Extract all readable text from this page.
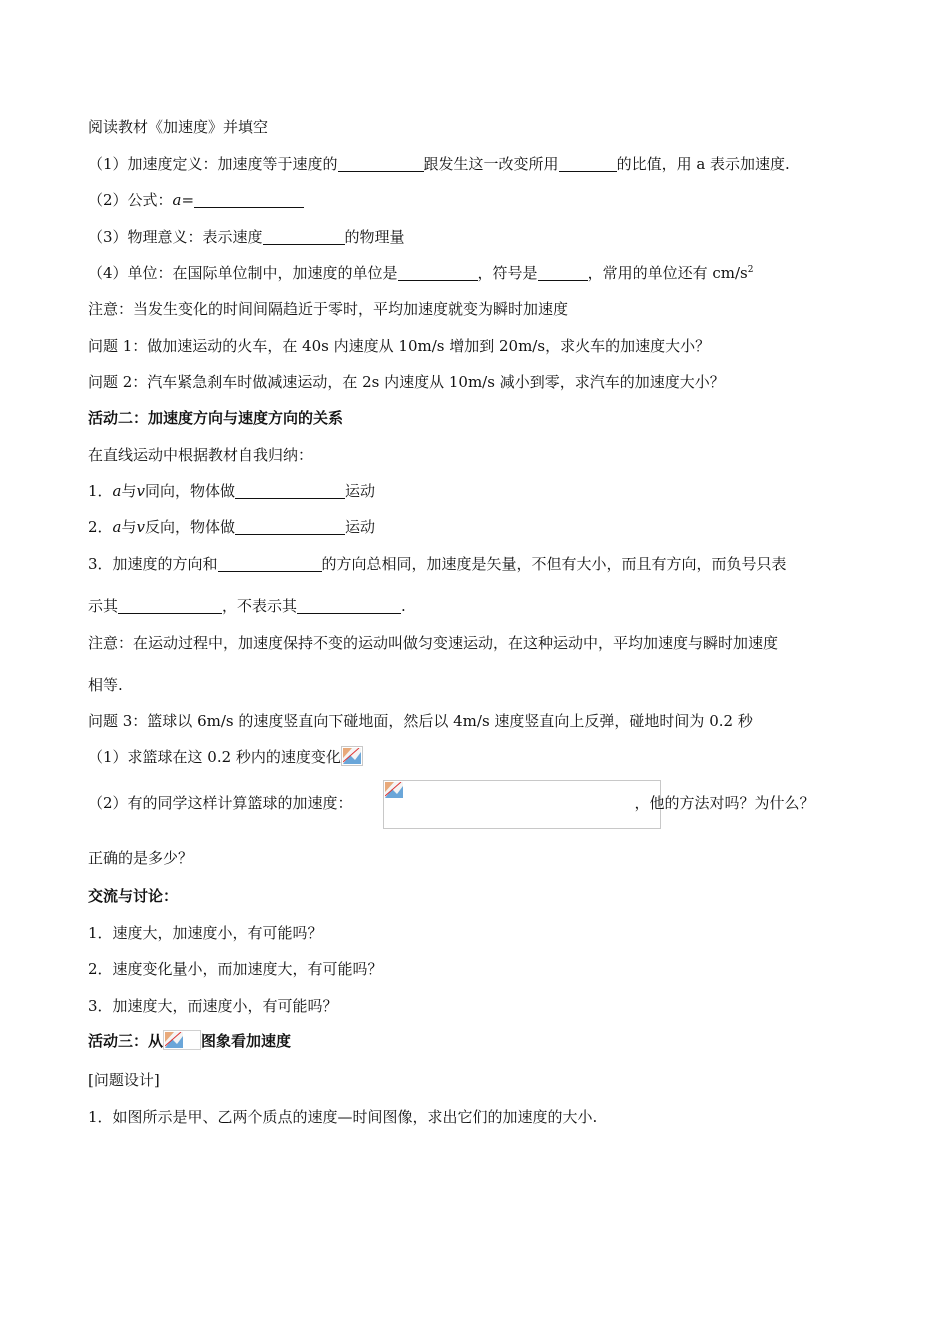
阅读教材《加速度》并填空
（1）加速度定义：加速度等于速度的	跟发生这一改变所用	的比值，用 a 表示加速度.
（2）公式：a=
（3）物理意义：表示速度	的物理量
（4）单位：在国际单位制中，加速度的单位是	，符号是	，常用的单位还有 $cm/s^2$
注意：当发生变化的时间间隔趋近于零时，平均加速度就变为瞬时加速度
问题 1：做加速运动的火车，在 40s 内速度从 10m/s 增加到 20m/s，求火车的加速度大小？
问题 2：汽车紧急刹车时做减速运动，在 2s 内速度从 10m/s 减小到零，求汽车的加速度大小？
活动二：加速度方向与速度方向的关系
在直线运动中根据教材自我归纳：
1．a与v同向，物体做	运动
2．a与v反向，物体做	运动
3．加速度的方向和	的方向总相同，加速度是矢量，不但有大小，而且有方向，而负号只表
示其	，不表示其	.
注意：在运动过程中，加速度保持不变的运动叫做匀变速运动，在这种运动中，平均加速度与瞬时加速度
相等.
问题 3：篮球以 6m/s 的速度竖直向下碰地面，然后以 4m/s 速度竖直向上反弹，碰地时间为 0.2 秒
（1）求篮球在这 0.2 秒内的速度变化
（2）有的同学这样计算篮球的加速度：	，他的方法对吗？为什么？
正确的是多少？
交流与讨论：
1．速度大，加速度小，有可能吗？
2．速度变化量小，而加速度大，有可能吗？
3．加速度大，而速度小，有可能吗？
活动三：从	图象看加速度
[问题设计]
1．如图所示是甲、乙两个质点的速度—时间图像，求出它们的加速度的大小.
